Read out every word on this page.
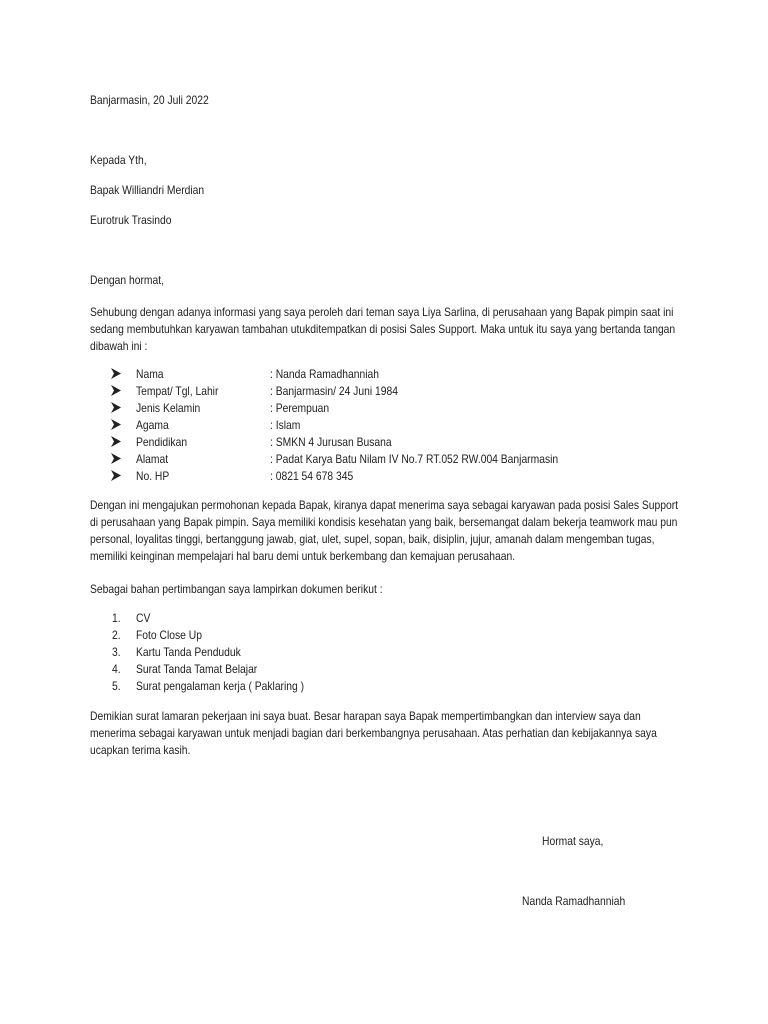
Banjarmasin, 20 Juli 2022
Kepada Yth,
Bapak Williandri Merdian
Eurotruk Trasindo
Dengan hormat,
Sehubung dengan adanya informasi yang saya peroleh dari teman saya Liya Sarlina, di perusahaan yang Bapak pimpin saat ini
sedang membutuhkan karyawan tambahan utukditempatkan di posisi Sales Support. Maka untuk itu saya yang bertanda tangan
dibawah ini :
Nama	: Nanda Ramadhanniah
Tempat/ Tgl, Lahir	: Banjarmasin/ 24 Juni 1984
Jenis Kelamin	: Perempuan
Agama	: Islam
Pendidikan	: SMKN 4 Jurusan Busana
Alamat	: Padat Karya Batu Nilam IV No.7 RT.052 RW.004 Banjarmasin
No. HP	: 0821 54 678 345
Dengan ini mengajukan permohonan kepada Bapak, kiranya dapat menerima saya sebagai karyawan pada posisi Sales Support
di perusahaan yang Bapak pimpin. Saya memiliki kondisis kesehatan yang baik, bersemangat dalam bekerja teamwork mau pun
personal, loyalitas tinggi, bertanggung jawab, giat, ulet, supel, sopan, baik, disiplin, jujur, amanah dalam mengemban tugas,
memiliki keinginan mempelajari hal baru demi untuk berkembang dan kemajuan perusahaan.
Sebagai bahan pertimbangan saya lampirkan dokumen berikut :
1. CV
2. Foto Close Up
3. Kartu Tanda Penduduk
4. Surat Tanda Tamat Belajar
5. Surat pengalaman kerja ( Paklaring )
Demikian surat lamaran pekerjaan ini saya buat. Besar harapan saya Bapak mempertimbangkan dan interview saya dan
menerima sebagai karyawan untuk menjadi bagian dari berkembangnya perusahaan. Atas perhatian dan kebijakannya saya
ucapkan terima kasih.
Hormat saya,
Nanda Ramadhanniah
